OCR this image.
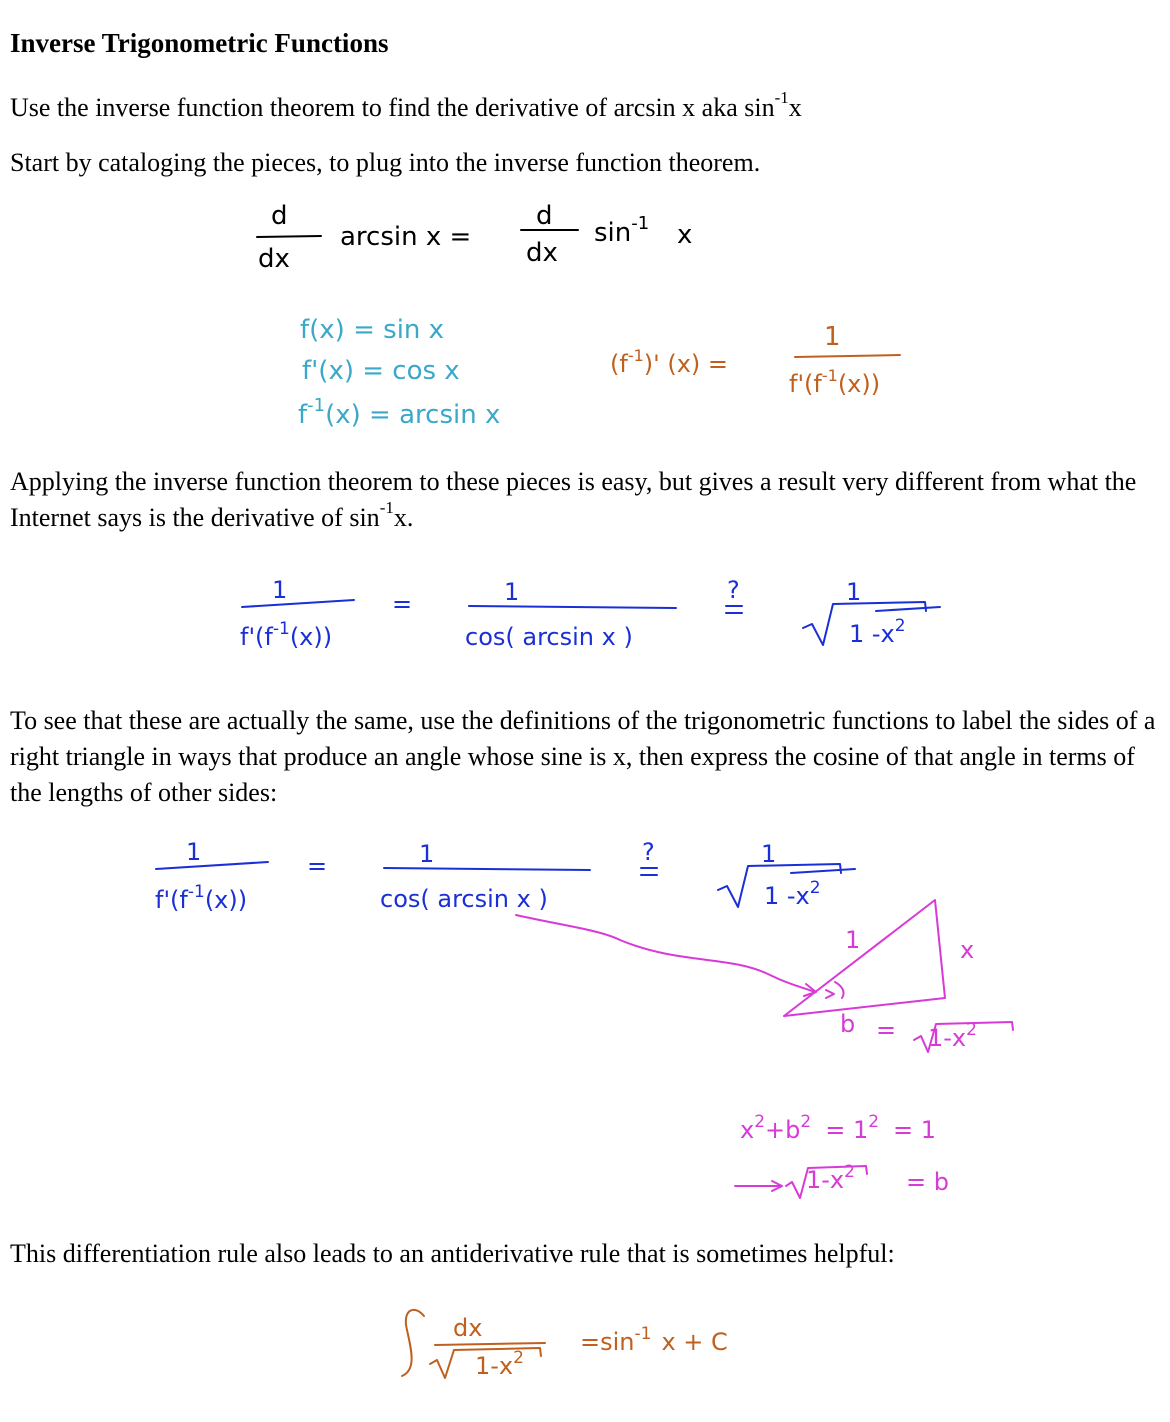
Inverse Trigonometric Functions

Use the inverse function theorem to find the derivative of arcsin x aka $\sin^{-1}x$

Start by cataloging the pieces, to plug into the inverse function theorem.

d
dx
arcsin x =
d
dx
$\sin^{-1} x$
f(x) = sin x
f'(x) = cos x
$f^{-1}(x) = \arcsin x$
$(f^{-1})'$ (x) =
1
$f'(f^{-1}(x))$

Applying the inverse function theorem to these pieces is easy, but gives a result very different from what the Internet says is the derivative of $\sin^{-1}x$.

1
$f'(f^{-1}(x))$
=	1
cos( arcsin x )
?	1
1 $-x^2$

To see that these are actually the same, use the definitions of the trigonometric functions to label the sides of a right triangle in ways that produce an angle whose sine is x, then express the cosine of that angle in terms of the lengths of other sides:

1
$f'(f^{-1}(x))$
=	1
cos( arcsin x )
?	1
1 $-x^2$
1	x
$b = 1-x^2$
$x^2+b^2 = 1^2 = 1$
$1-x^2 = b$

This differentiation rule also leads to an antiderivative rule that is sometimes helpful:

dx
$1-x^2$
$=\sin^{-1}$ x + C
